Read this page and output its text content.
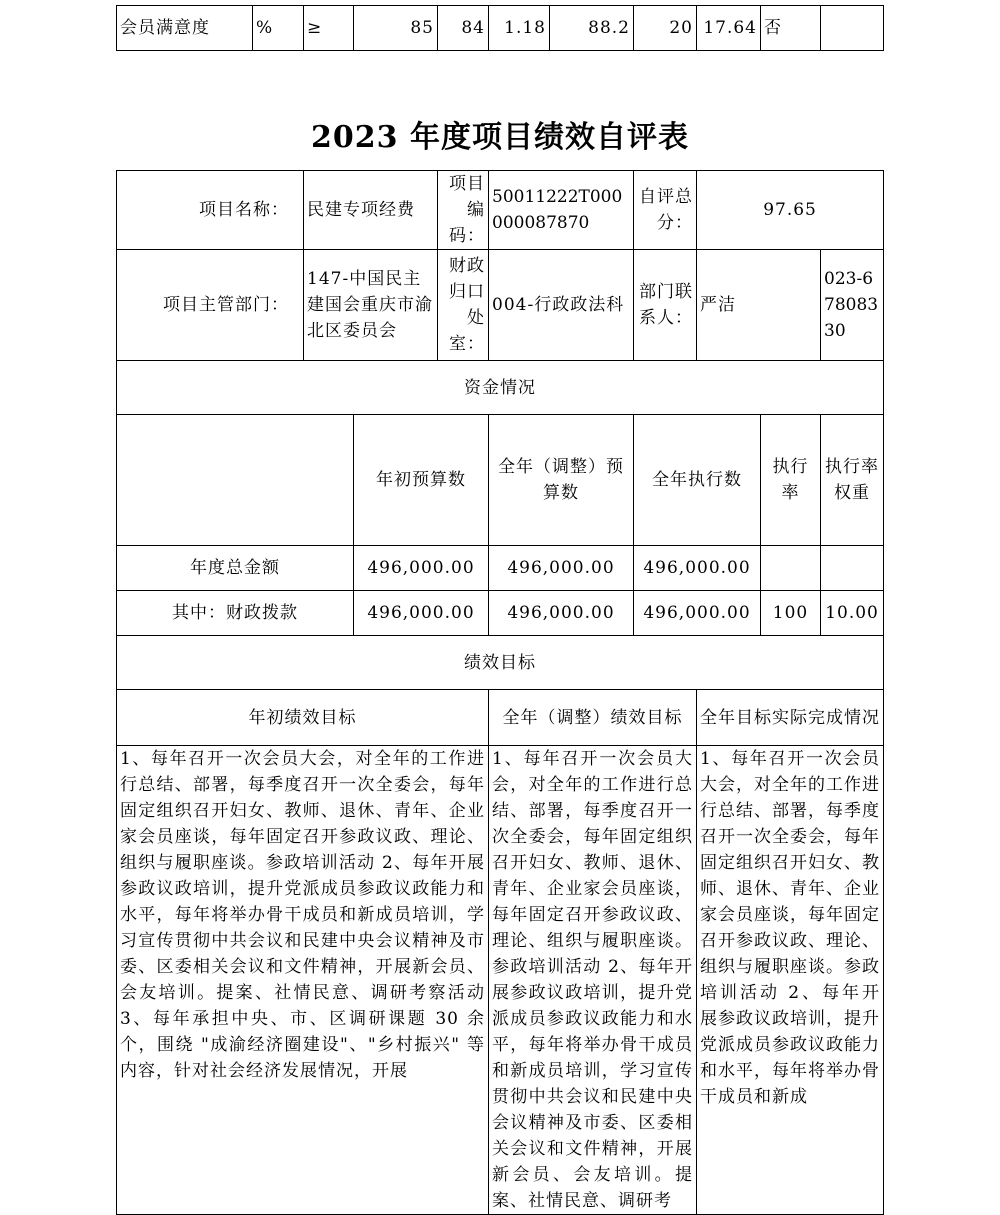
会员满意度	%	≥	85	84	1.18	88.2	20	17.64	否	
2023 年度项目绩效自评表
项目名称：	民建专项经费		项目编码：	50011222T000000087870	自评总分：	97.65			
项目主管部门：	147-中国民主建国会重庆市渝北区委员会		财政归口处室：	004-行政政法科	部门联系人：	严洁		023-67808330	
资金情况									
		年初预算数		全年（调整）预算数	全年执行数		执行率	执行率权重	
年度总金额		496,000.00		496,000.00	496,000.00				
其中：财政拨款		496,000.00		496,000.00	496,000.00		100	10.00	
绩效目标									
年初绩效目标				全年（调整）绩效目标		全年目标实际完成情况			
1、每年召开一次会员大会，对全年的工作进行总结、部署，每季度召开一次全委会，每年固定组织召开妇女、教师、退休、青年、企业家会员座谈，每年固定召开参政议政、理论、组织与履职座谈。参政培训活动 2、每年开展参政议政培训，提升党派成员参政议政能力和水平，每年将举办骨干成员和新成员培训，学习宣传贯彻中共会议和民建中央会议精神及市委、区委相关会议和文件精神，开展新会员、会友培训。提案、社情民意、调研考察活动 3、每年承担中央、市、区调研课题 30 余个，围绕 "成渝经济圈建设"、"乡村振兴" 等内容，针对社会经济发展情况，开展				1、每年召开一次会员大会，对全年的工作进行总结、部署，每季度召开一次全委会，每年固定组织召开妇女、教师、退休、青年、企业家会员座谈，每年固定召开参政议政、理论、组织与履职座谈。参政培训活动 2、每年开展参政议政培训，提升党派成员参政议政能力和水平，每年将举办骨干成员和新成员培训，学习宣传贯彻中共会议和民建中央会议精神及市委、区委相关会议和文件精神，开展新会员、会友培训。提案、社情民意、调研考		1、每年召开一次会员大会，对全年的工作进行总结、部署，每季度召开一次全委会，每年固定组织召开妇女、教师、退休、青年、企业家会员座谈，每年固定召开参政议政、理论、组织与履职座谈。参政培训活动 2、每年开展参政议政培训，提升党派成员参政议政能力和水平，每年将举办骨干成员和新成			
